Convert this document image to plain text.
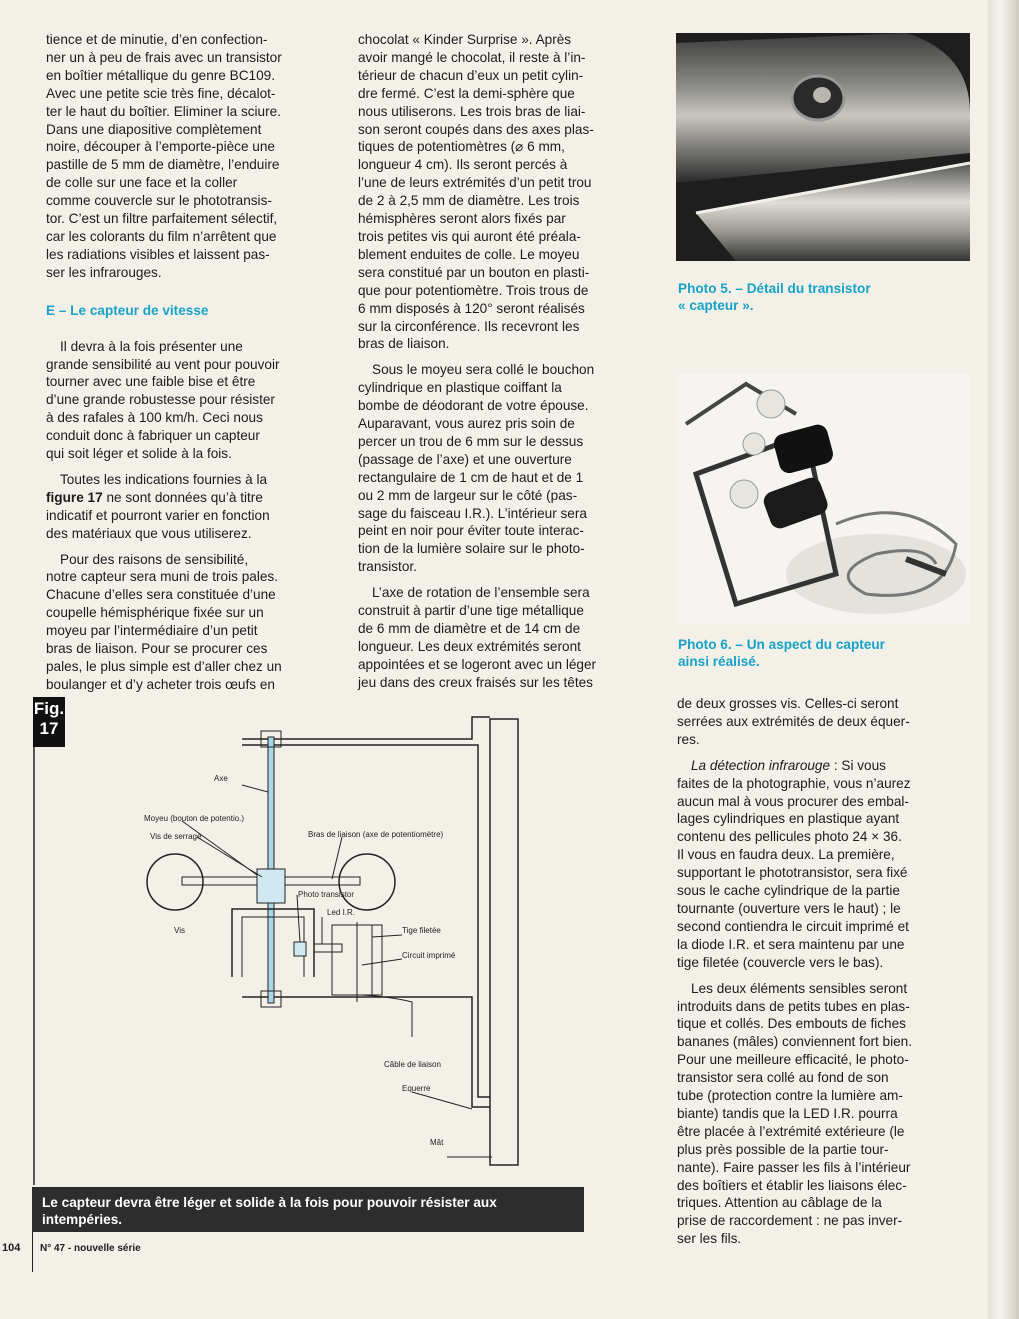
tience et de minutie, d’en confection-

ner un à peu de frais avec un transistor

en boîtier métallique du genre BC109.

Avec une petite scie très fine, décalot-

ter le haut du boîtier. Eliminer la sciure.

Dans une diapositive complètement

noire, découper à l’emporte-pièce une

pastille de 5 mm de diamètre, l’enduire

de colle sur une face et la coller

comme couvercle sur le phototransis-

tor. C’est un filtre parfaitement sélectif,

car les colorants du film n’arrêtent que

les radiations visibles et laissent pas-

ser les infrarouges.

E – Le capteur de vitesse

Il devra à la fois présenter une

grande sensibilité au vent pour pouvoir

tourner avec une faible bise et être

d’une grande robustesse pour résister

à des rafales à 100 km/h. Ceci nous

conduit donc à fabriquer un capteur

qui soit léger et solide à la fois.

Toutes les indications fournies à la

figure 17 ne sont données qu’à titre

indicatif et pourront varier en fonction

des matériaux que vous utiliserez.

Pour des raisons de sensibilité,

notre capteur sera muni de trois pales.

Chacune d’elles sera constituée d’une

coupelle hémisphérique fixée sur un

moyeu par l’intermédiaire d’un petit

bras de liaison. Pour se procurer ces

pales, le plus simple est d’aller chez un

boulanger et d’y acheter trois œufs en

chocolat « Kinder Surprise ». Après

avoir mangé le chocolat, il reste à l’in-

térieur de chacun d’eux un petit cylin-

dre fermé. C’est la demi-sphère que

nous utiliserons. Les trois bras de liai-

son seront coupés dans des axes plas-

tiques de potentiomètres (⌀ 6 mm,

longueur 4 cm). Ils seront percés à

l’une de leurs extrémités d’un petit trou

de 2 à 2,5 mm de diamètre. Les trois

hémisphères seront alors fixés par

trois petites vis qui auront été préala-

blement enduites de colle. Le moyeu

sera constitué par un bouton en plasti-

que pour potentiomètre. Trois trous de

6 mm disposés à 120° seront réalisés

sur la circonférence. Ils recevront les

bras de liaison.

Sous le moyeu sera collé le bouchon

cylindrique en plastique coiffant la

bombe de déodorant de votre épouse.

Auparavant, vous aurez pris soin de

percer un trou de 6 mm sur le dessus

(passage de l’axe) et une ouverture

rectangulaire de 1 cm de haut et de 1

ou 2 mm de largeur sur le côté (pas-

sage du faisceau I.R.). L’intérieur sera

peint en noir pour éviter toute interac-

tion de la lumière solaire sur le photo-

transistor.

L’axe de rotation de l’ensemble sera

construit à partir d’une tige métallique

de 6 mm de diamètre et de 14 cm de

longueur. Les deux extrémités seront

appointées et se logeront avec un léger

jeu dans des creux fraisés sur les têtes

Photo 5. – Détail du transistor
« capteur ».
Photo 6. – Un aspect du capteur
ainsi réalisé.

de deux grosses vis. Celles-ci seront

serrées aux extrémités de deux équer-

res.

La détection infrarouge : Si vous

faites de la photographie, vous n’aurez

aucun mal à vous procurer des embal-

lages cylindriques en plastique ayant

contenu des pellicules photo 24 × 36.

Il vous en faudra deux. La première,

supportant le phototransistor, sera fixé

sous le cache cylindrique de la partie

tournante (ouverture vers le haut) ; le

second contiendra le circuit imprimé et

la diode I.R. et sera maintenu par une

tige filetée (couvercle vers le bas).

Les deux éléments sensibles seront

introduits dans de petits tubes en plas-

tique et collés. Des embouts de fiches

bananes (mâles) conviennent fort bien.

Pour une meilleure efficacité, le photo-

transistor sera collé au fond de son

tube (protection contre la lumière am-

biante) tandis que la LED I.R. pourra

être placée à l’extrémité extérieure (le

plus près possible de la partie tour-

nante). Faire passer les fils à l’intérieur

des boîtiers et établir les liaisons élec-

triques. Attention au câblage de la

prise de raccordement : ne pas inver-

ser les fils.

Axe
Moyeu (bouton de potentio.)
Vis de serrage	Bras de liaison (axe de potentiomètre)
Photo transistor
Led I.R.
Vis	Tige filetée
Circuit imprimé
Câble de liaison
Equerre
Mât
Fig.
17
Le capteur devra être léger et solide à la fois pour pouvoir résister aux
intempéries.
104 N° 47 - nouvelle série
